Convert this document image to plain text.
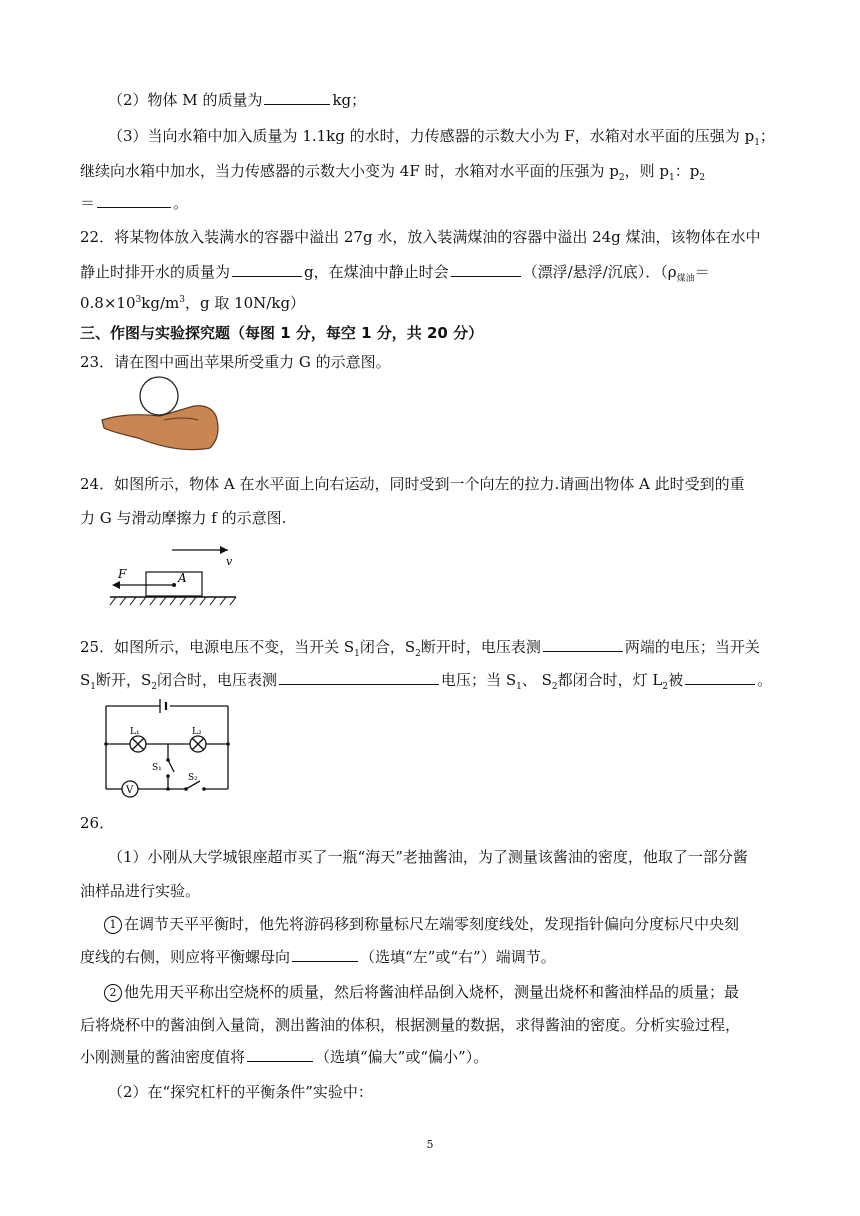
（2）物体 M 的质量为	kg；
（3）当向水箱中加入质量为 1.1kg 的水时，力传感器的示数大小为 F，水箱对水平面的压强为 $p_1$；
继续向水箱中加水，当力传感器的示数大小变为 4F 时，水箱对水平面的压强为 $p_2$，则 $p_1$：$p_2$
＝	。
22．将某物体放入装满水的容器中溢出 27g 水，放入装满煤油的容器中溢出 24g 煤油，该物体在水中
静止时排开水的质量为	g，在煤油中静止时会	（漂浮/悬浮/沉底）．（$\rho_{煤油}=$
$0.8\times 10^3kg/m^3$，g 取 10N/kg）
三、作图与实验探究题（每图 1 分，每空 1 分，共 20 分）
23．请在图中画出苹果所受重力 G 的示意图。
24．如图所示，物体 A 在水平面上向右运动，同时受到一个向左的拉力.请画出物体 A 此时受到的重
力 G 与滑动摩擦力 f 的示意图.
v
A
F
25．如图所示，电源电压不变，当开关 $S_1$闭合，$S_2$断开时，电压表测	两端的电压；当开关
$S_1$断开，$S_2$闭合时，电压表测	电压；当 $S_1$、 $S_2$都闭合时，灯 $L_2$被	。
L₁	L₂
S₁
S₂
V
26．
（1）小刚从大学城银座超市买了一瓶“海天”老抽酱油，为了测量该酱油的密度，他取了一部分酱
油样品进行实验。
1 在调节天平平衡时，他先将游码移到称量标尺左端零刻度线处，发现指针偏向分度标尺中央刻
度线的右侧，则应将平衡螺母向	（选填“左”或“右”）端调节。
2 他先用天平称出空烧杯的质量，然后将酱油样品倒入烧杯，测量出烧杯和酱油样品的质量；最
后将烧杯中的酱油倒入量筒，测出酱油的体积，根据测量的数据，求得酱油的密度。分析实验过程，
小刚测量的酱油密度值将	（选填“偏大”或“偏小”）。
（2）在“探究杠杆的平衡条件”实验中：
5
